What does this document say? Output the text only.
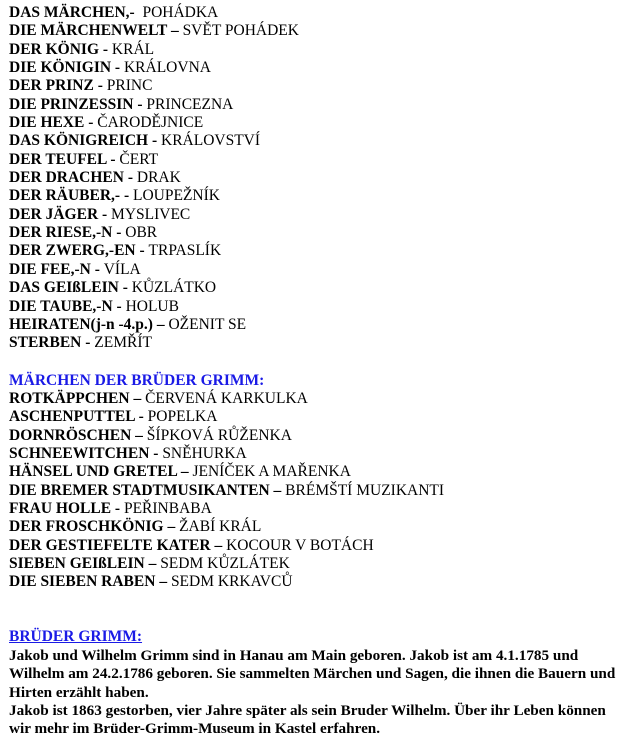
DAS MÄRCHEN,- POHÁDKA
DIE MÄRCHENWELT – SVĚT POHÁDEK
DER KÖNIG - KRÁL
DIE KÖNIGIN - KRÁLOVNA
DER PRINZ - PRINC
DIE PRINZESSIN - PRINCEZNA
DIE HEXE - ČARODĚJNICE
DAS KÖNIGREICH - KRÁLOVSTVÍ
DER TEUFEL - ČERT
DER DRACHEN - DRAK
DER RÄUBER,- - LOUPEŽNÍK
DER JÄGER - MYSLIVEC
DER RIESE,-N - OBR
DER ZWERG,-EN - TRPASLÍK
DIE FEE,-N - VÍLA
DAS GEIßLEIN - KŮZLÁTKO
DIE TAUBE,-N - HOLUB
HEIRATEN(j-n -4.p.) – OŽENIT SE
STERBEN - ZEMŘÍT
MÄRCHEN DER BRÜDER GRIMM:
ROTKÄPPCHEN – ČERVENÁ KARKULKA
ASCHENPUTTEL - POPELKA
DORNRÖSCHEN – ŠÍPKOVÁ RŮŽENKA
SCHNEEWITCHEN - SNĚHURKA
HÄNSEL UND GRETEL – JENÍČEK A MAŘENKA
DIE BREMER STADTMUSIKANTEN – BRÉMŠTÍ MUZIKANTI
FRAU HOLLE - PEŘINBABA
DER FROSCHKÖNIG – ŽABÍ KRÁL
DER GESTIEFELTE KATER – KOCOUR V BOTÁCH
SIEBEN GEIßLEIN – SEDM KŮZLÁTEK
DIE SIEBEN RABEN – SEDM KRKAVCŮ
BRÜDER GRIMM:

Jakob und Wilhelm Grimm sind in Hanau am Main geboren. Jakob ist am 4.1.1785 und Wilhelm am 24.2.1786 geboren. Sie sammelten Märchen und Sagen, die ihnen die Bauern und Hirten erzählt haben.

Jakob ist 1863 gestorben, vier Jahre später als sein Bruder Wilhelm. Über ihr Leben können wir mehr im Brüder-Grimm-Museum in Kastel erfahren.
